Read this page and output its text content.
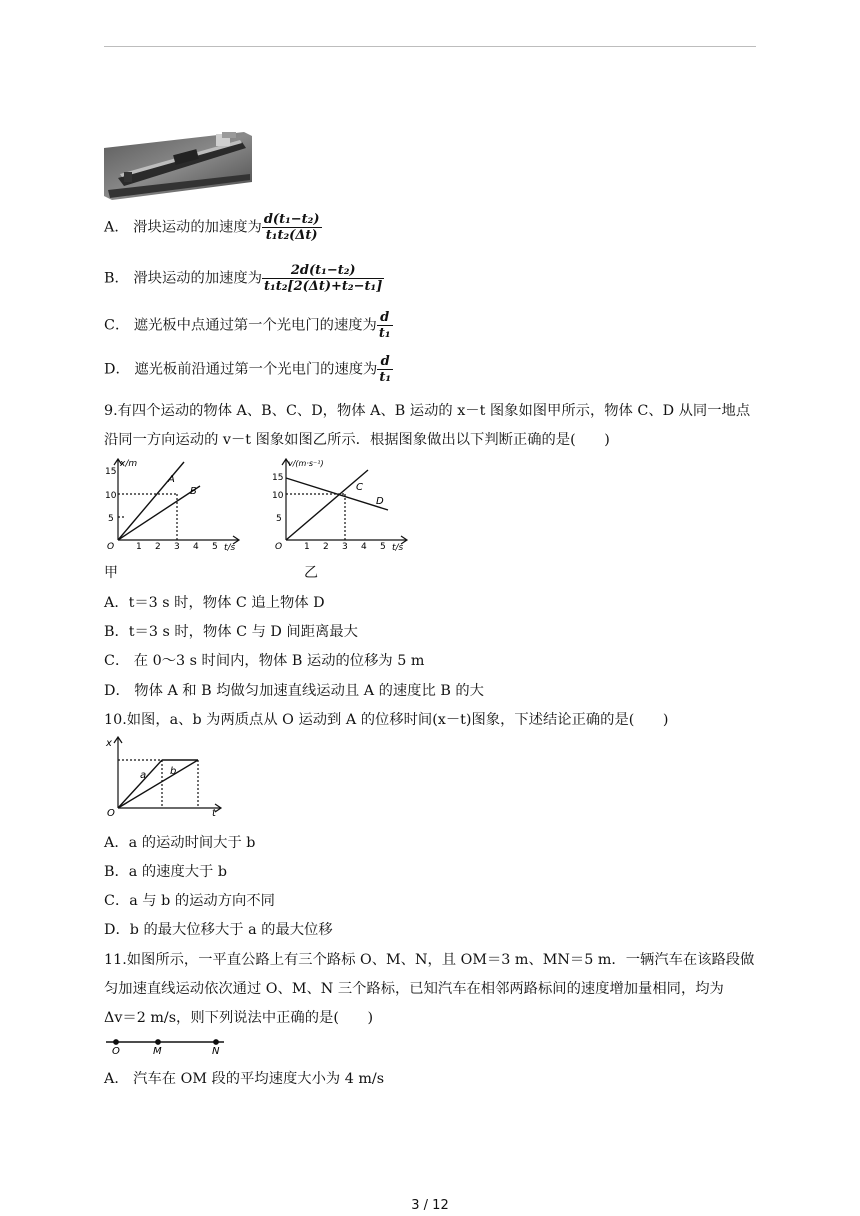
A． 滑块运动的加速度为 $\frac{\text{d(t₁−t₂)}}{\text{t₁t₂(Δt)}}$
B． 滑块运动的加速度为 $\frac{\text{2d(t₁−t₂)}}{\text{t₁t₂[2(Δt)+t₂−t₁]}}$
C． 遮光板中点通过第一个光电门的速度为 $\frac{d}{\text{t₁}}$
D． 遮光板前沿通过第一个光电门的速度为 $\frac{d}{\text{t₁}}$
9.有四个运动的物体 A、B、C、D，物体 A、B 运动的 x－t 图象如图甲所示，物体 C、D 从同一地点
沿同一方向运动的 v－t 图象如图乙所示．根据图象做出以下判断正确的是(　　)
x/m
t/s
15
10
5
O 1 2 3 4 5
A
B
甲
v/(m·s⁻¹)
t/s
15
10
5
O 1 2 3 4 5
C
D
乙
A．t＝3 s 时，物体 C 追上物体 D
B．t＝3 s 时，物体 C 与 D 间距离最大
C． 在 0～3 s 时间内，物体 B 运动的位移为 5 m
D． 物体 A 和 B 均做匀加速直线运动且 A 的速度比 B 的大
10.如图，a、b 为两质点从 O 运动到 A 的位移时间(x－t)图象，下述结论正确的是(　　)
x
t
O
a b
A．a 的运动时间大于 b
B．a 的速度大于 b
C．a 与 b 的运动方向不同
D．b 的最大位移大于 a 的最大位移
11.如图所示，一平直公路上有三个路标 O、M、N，且 OM＝3 m、MN＝5 m．一辆汽车在该路段做
匀加速直线运动依次通过 O、M、N 三个路标，已知汽车在相邻两路标间的速度增加量相同，均为
Δv＝2 m/s，则下列说法中正确的是(　　)
O	M	N
A． 汽车在 OM 段的平均速度大小为 4 m/s
3 / 12
